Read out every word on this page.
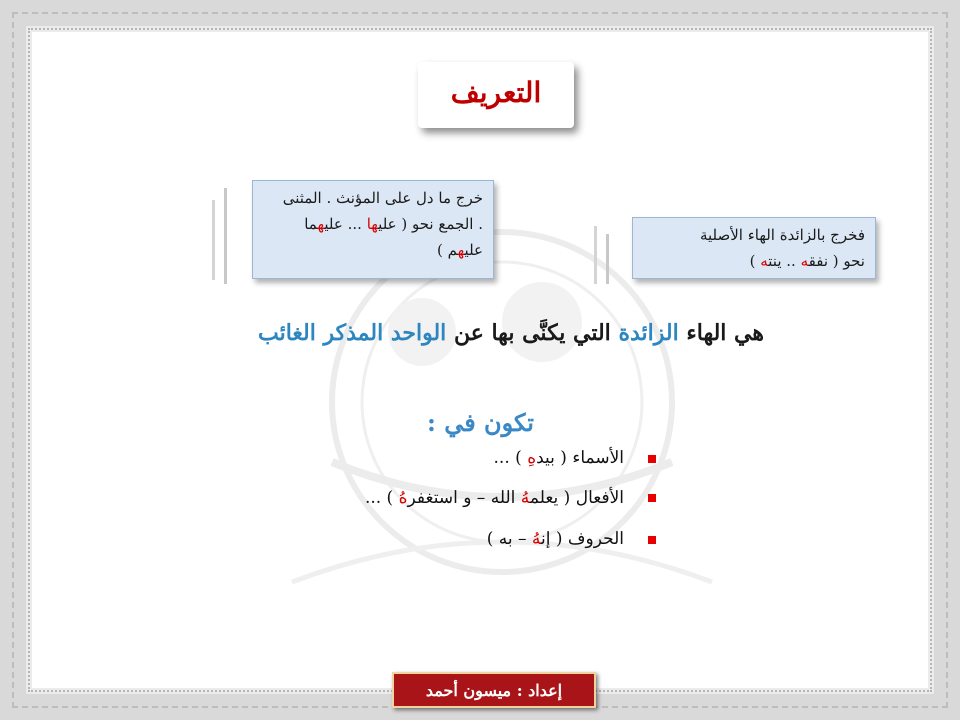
التعريف
خرج ما دل على المؤنث . المثنى
. الجمع نحو ( عليها ... عليهما
عليهم )
فخرج بالزائدة الهاء الأصلية
نحو ( نفقه .. ينته )
هي الهاء الزائدة التي يكنَّى بها عن الواحد المذكر الغائب
تكون في :
الأسماء ( بيدهِ ) ...
الأفعال ( يعلمهُ الله – و استغفرهُ ) ...
الحروف ( إنهُ – به )
إعداد : ميسون أحمد
